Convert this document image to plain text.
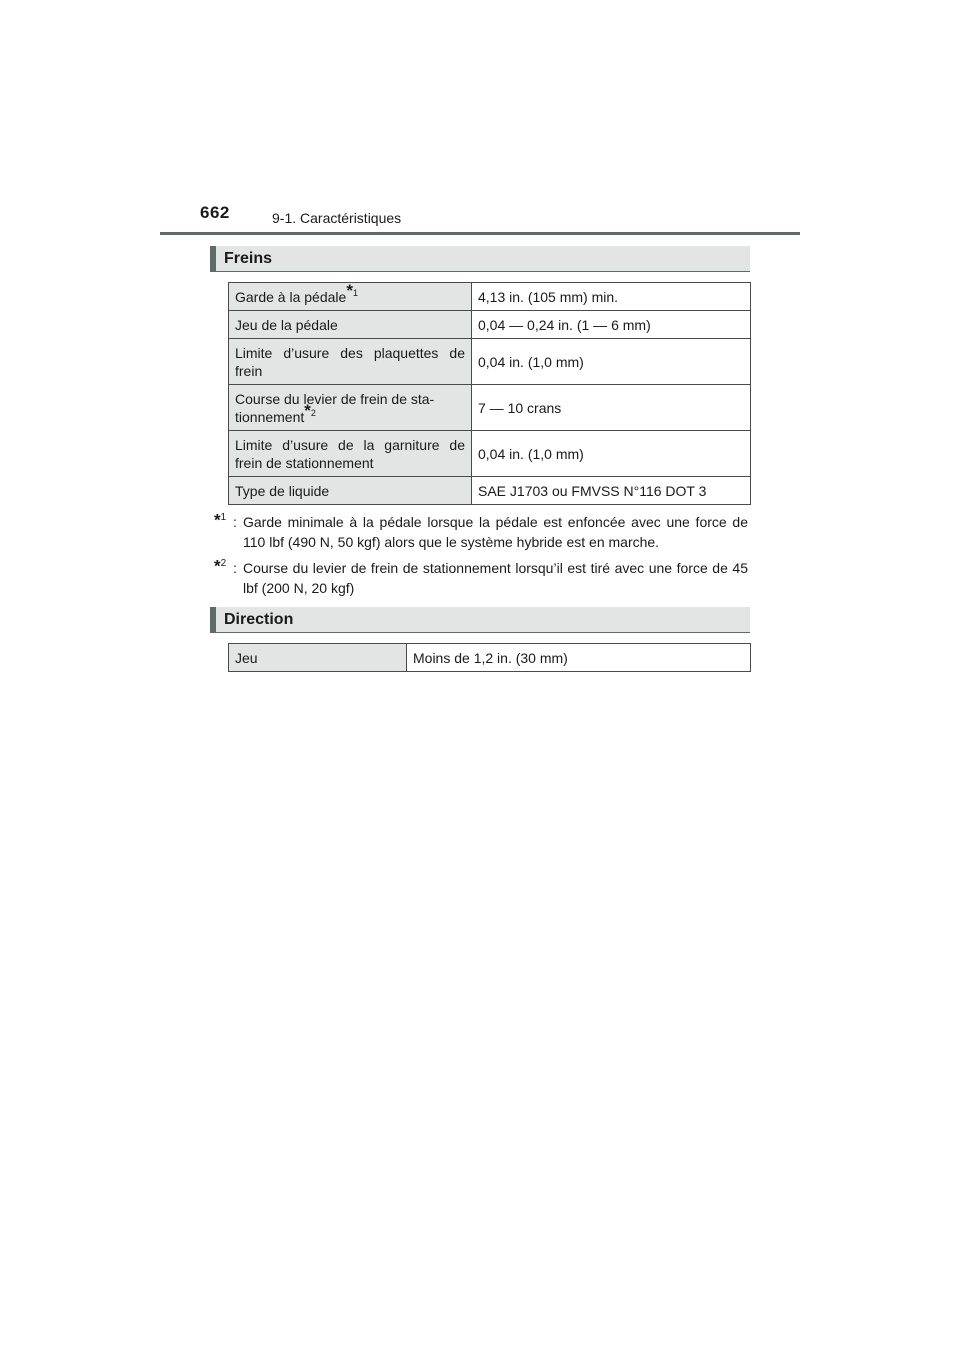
662	9-1. Caractéristiques
Freins
Garde à la pédale$^{*1}$	4,13 in. (105 mm) min.
Jeu de la pédale	0,04 — 0,24 in. (1 — 6 mm)
Limite d’usure des plaquettes de frein	0,04 in. (1,0 mm)

Course du levier de frein de sta-
tionnement$^{*2}$	7 — 10 crans
Limite d’usure de la garniture de frein de stationnement	0,04 in. (1,0 mm)
Type de liquide	SAE J1703 ou FMVSS N°116 DOT 3
*$^1$ : Garde minimale à la pédale lorsque la pédale est enfoncée avec une force de 110 lbf (490 N, 50 kgf) alors que le système hybride est en marche.
*$^2$ : Course du levier de frein de stationnement lorsqu’il est tiré avec une force de 45 lbf (200 N, 20 kgf)
Direction
Jeu	Moins de 1,2 in. (30 mm)
